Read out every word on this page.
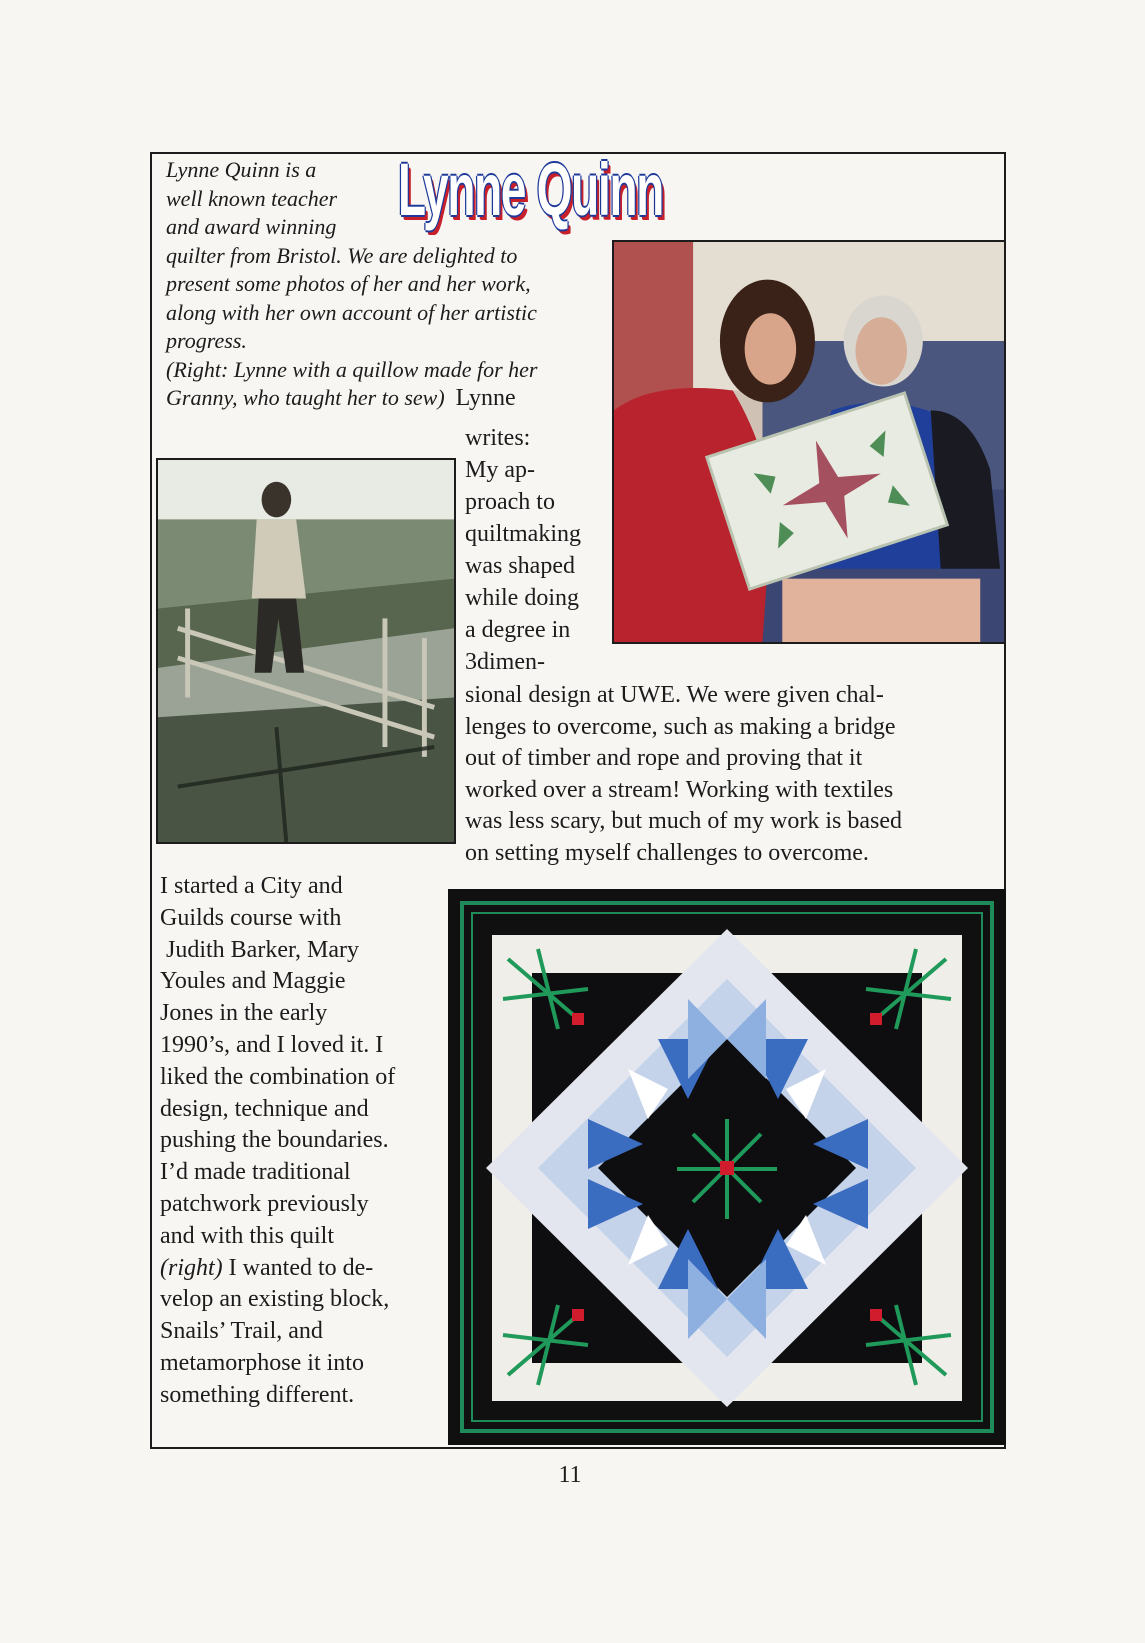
Lynne Quinn
Lynne Quinn is a
well known teacher
and award winning
quilter from Bristol. We are delighted to
present some photos of her and her work,
along with her own account of her artistic
progress.
(Right: Lynne with a quillow made for her
Granny, who taught her to sew) Lynne
writes:
My ap-
proach to
quiltmaking
was shaped
while doing
a degree in
3dimen-
sional design at UWE. We were given chal-
lenges to overcome, such as making a bridge
out of timber and rope and proving that it
worked over a stream! Working with textiles
was less scary, but much of my work is based
on setting myself challenges to overcome.
I started a City and
Guilds course with
Judith Barker, Mary
Youles and Maggie
Jones in the early
1990’s, and I loved it. I
liked the combination of
design, technique and
pushing the boundaries.
I’d made traditional
patchwork previously
and with this quilt
(right) I wanted to de-
velop an existing block,
Snails’ Trail, and
metamorphose it into
something different.
11
